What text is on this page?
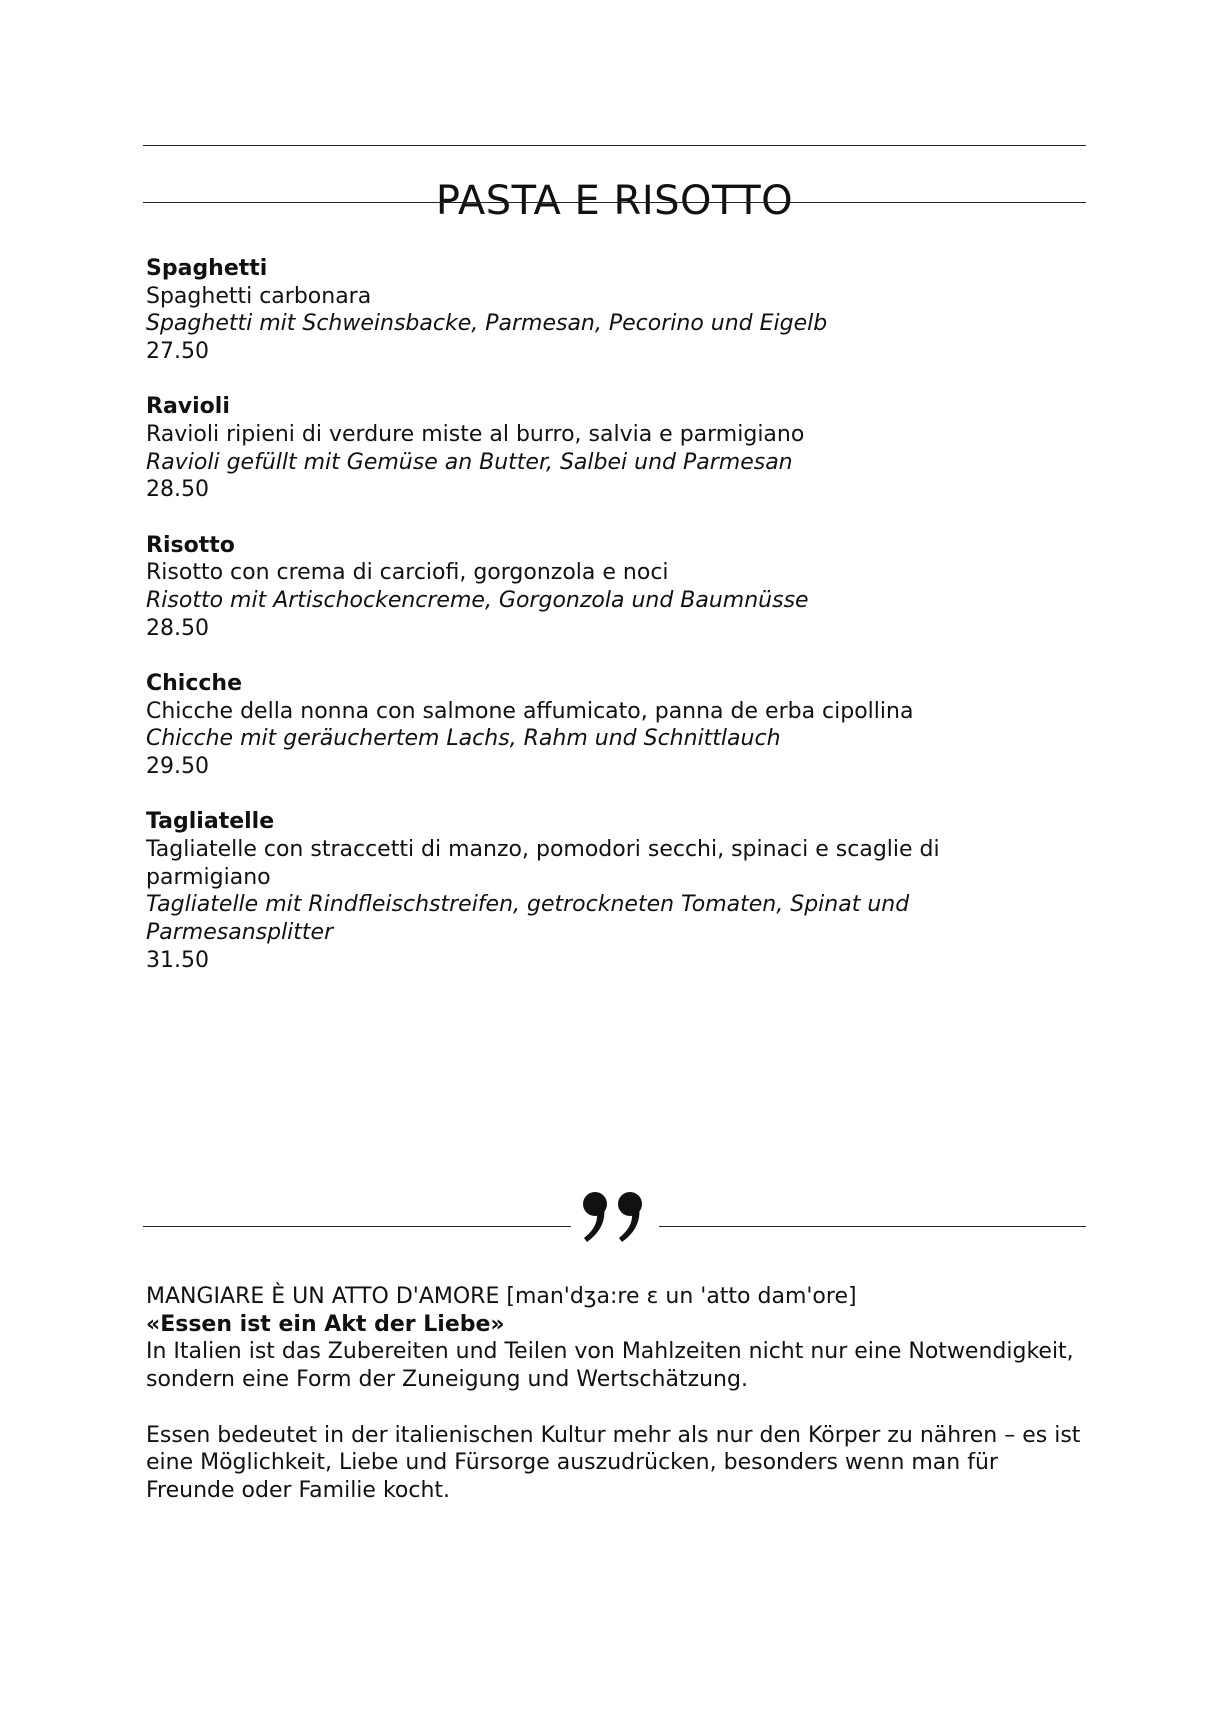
PASTA E RISOTTO
Spaghetti
Spaghetti carbonara
Spaghetti mit Schweinsbacke, Parmesan, Pecorino und Eigelb
27.50
Ravioli
Ravioli ripieni di verdure miste al burro, salvia e parmigiano
Ravioli gefüllt mit Gemüse an Butter, Salbei und Parmesan
28.50
Risotto
Risotto con crema di carciofi, gorgonzola e noci
Risotto mit Artischockencreme, Gorgonzola und Baumnüsse
28.50
Chicche
Chicche della nonna con salmone affumicato, panna de erba cipollina
Chicche mit geräuchertem Lachs, Rahm und Schnittlauch
29.50
Tagliatelle
Tagliatelle con straccetti di manzo, pomodori secchi, spinaci e scaglie di parmigiano
Tagliatelle mit Rindfleischstreifen, getrockneten Tomaten, Spinat und Parmesansplitter
31.50
MANGIARE È UN ATTO D'AMORE [man'dʒa:re ɛ un 'atto dam'ore]
«Essen ist ein Akt der Liebe»

In Italien ist das Zubereiten und Teilen von Mahlzeiten nicht nur eine Notwendigkeit, sondern eine Form der Zuneigung und Wertschätzung.

Essen bedeutet in der italienischen Kultur mehr als nur den Körper zu nähren – es ist eine Möglichkeit, Liebe und Fürsorge auszudrücken, besonders wenn man für Freunde oder Familie kocht.
